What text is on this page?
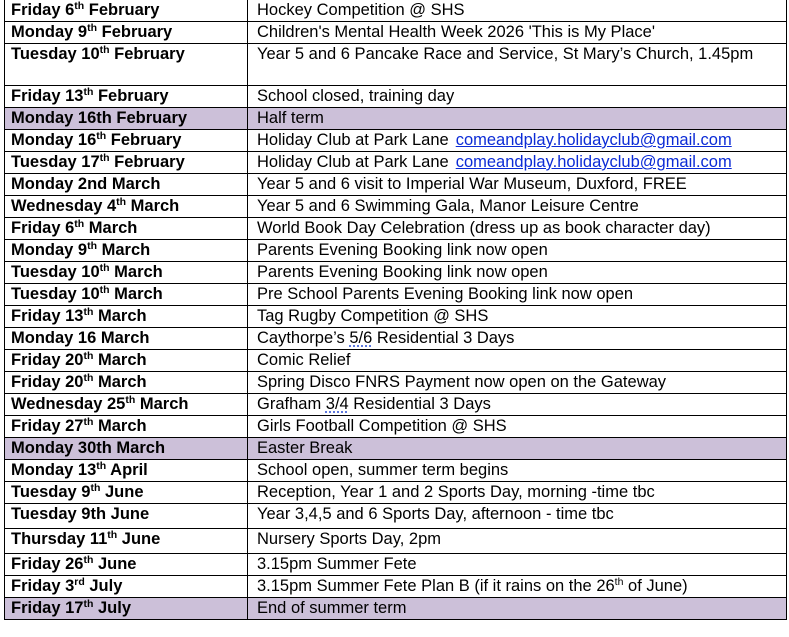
Friday 6th February	Hockey Competition @ SHS
Monday 9th February	Children's Mental Health Week 2026 'This is My Place'
Tuesday 10th February	Year 5 and 6 Pancake Race and Service, St Mary’s Church, 1.45pm
Friday 13th February	School closed, training day
Monday 16th February	Half term
Monday 16th February	Holiday Club at Park Lane comeandplay.holidayclub@gmail.com
Tuesday 17th February	Holiday Club at Park Lane comeandplay.holidayclub@gmail.com
Monday 2nd March	Year 5 and 6 visit to Imperial War Museum, Duxford, FREE
Wednesday 4th March	Year 5 and 6 Swimming Gala, Manor Leisure Centre
Friday 6th March	World Book Day Celebration (dress up as book character day)
Monday 9th March	Parents Evening Booking link now open
Tuesday 10th March	Parents Evening Booking link now open
Tuesday 10th March	Pre School Parents Evening Booking link now open
Friday 13th March	Tag Rugby Competition @ SHS
Monday 16 March	Caythorpe’s 5/6 Residential 3 Days
Friday 20th March	Comic Relief
Friday 20th March	Spring Disco FNRS Payment now open on the Gateway
Wednesday 25th March	Grafham 3/4 Residential 3 Days
Friday 27th March	Girls Football Competition @ SHS
Monday 30th March	Easter Break
Monday 13th April	School open, summer term begins
Tuesday 9th June	Reception, Year 1 and 2 Sports Day, morning -time tbc
Tuesday 9th June	Year 3,4,5 and 6 Sports Day, afternoon - time tbc
Thursday 11th June	Nursery Sports Day, 2pm
Friday 26th June	3.15pm Summer Fete
Friday 3rd July	3.15pm Summer Fete Plan B (if it rains on the 26th of June)
Friday 17th July	End of summer term
